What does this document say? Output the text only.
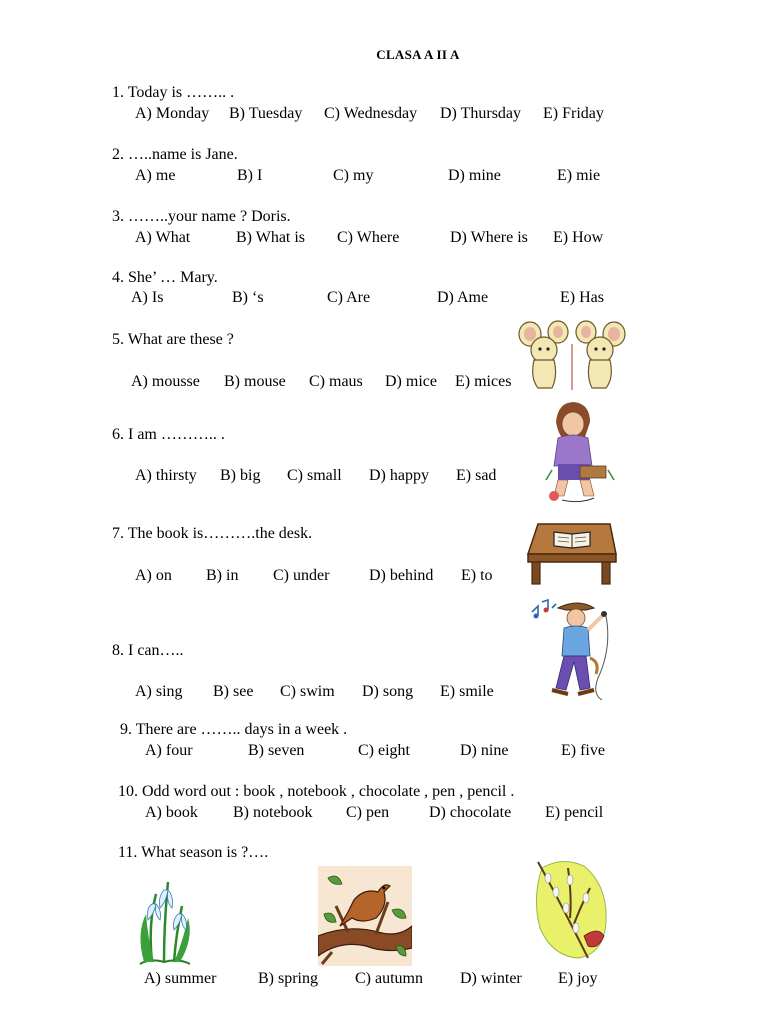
CLASA A II A
1. Today is …….. .
A) Monday B) Tuesday C) Wednesday D) Thursday E) Friday
2. …..name is Jane.
A) me	B) I	C) my	D) mine	E) mie
3. ……..your name ? Doris.
A) What	B) What is C) Where	D) Where is E) How
4. She’ … Mary.
A) Is	B) ‘s	C) Are	D) Ame	E) Has
5. What are these ?
A) mousse B) mouse C) maus D) mice E) mices
6. I am ……….. .
A) thirsty B) big C) small D) happy E) sad
7. The book is……….the desk.
A) on B) in C) under D) behind E) to
8. I can…..
A) sing B) see C) swim D) song E) smile
9. There are …….. days in a week .
A) four	B) seven	C) eight	D) nine	E) five
10. Odd word out : book , notebook , chocolate , pen , pencil .
A) book B) notebook C) pen D) chocolate E) pencil
11. What season is ?….
A) summer	B) spring C) autumn D) winter E) joy
